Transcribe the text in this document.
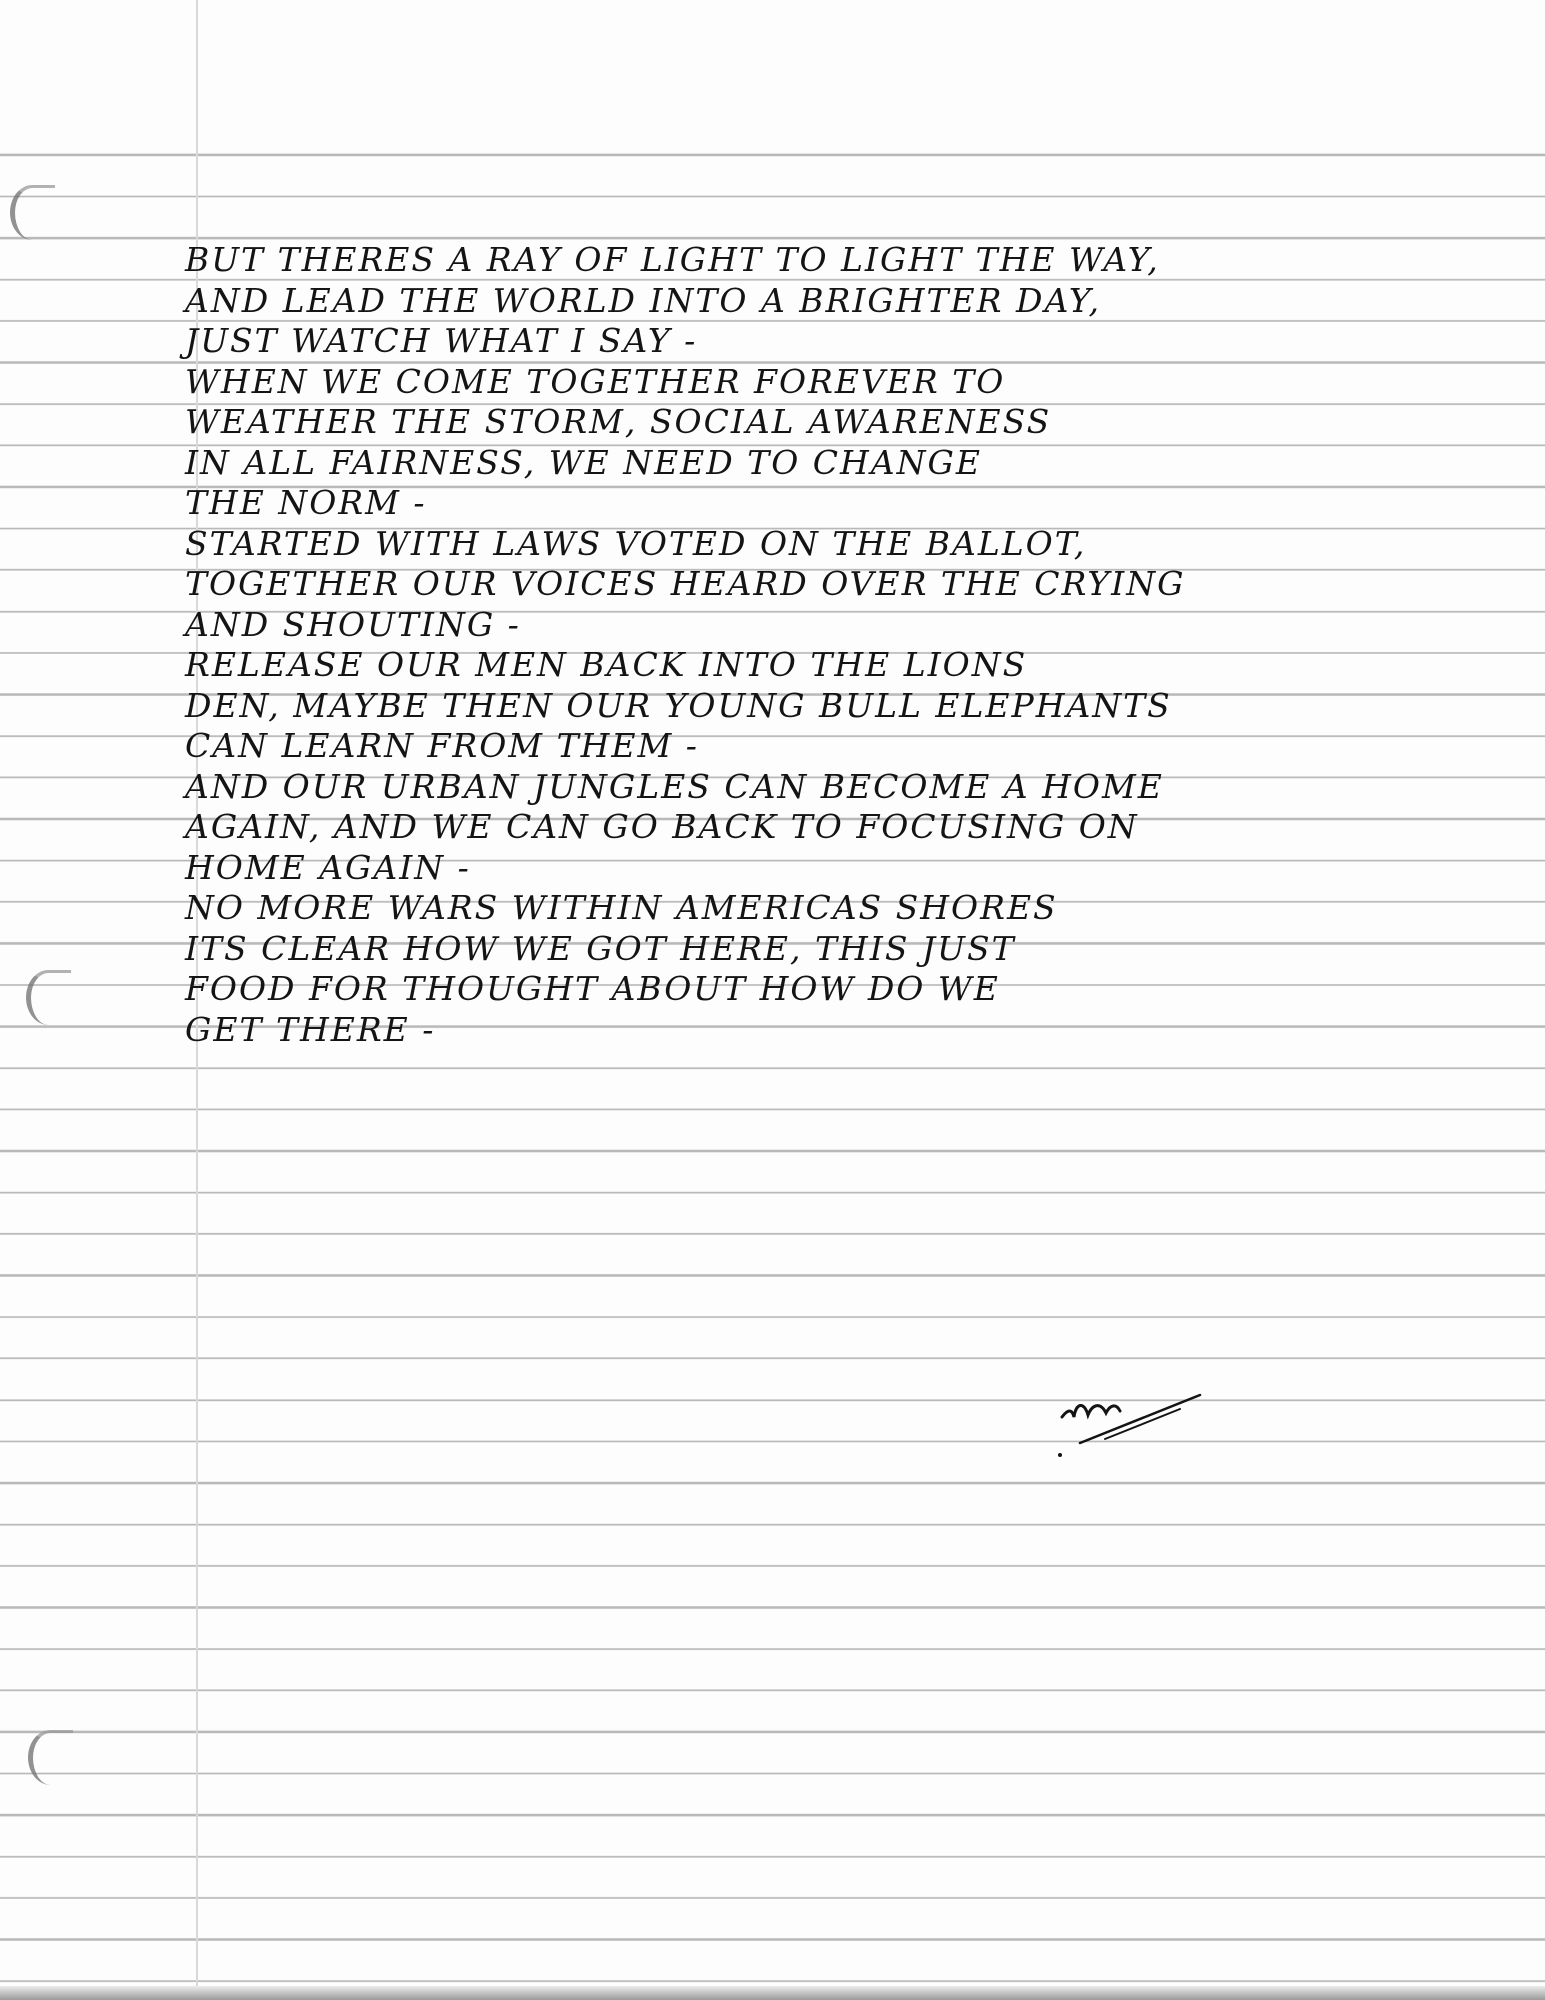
BUT THERES A RAY OF LIGHT TO LIGHT THE WAY,
AND LEAD THE WORLD INTO A BRIGHTER DAY,
JUST WATCH WHAT I SAY -
WHEN WE COME TOGETHER FOREVER TO
WEATHER THE STORM, SOCIAL AWARENESS
IN ALL FAIRNESS, WE NEED TO CHANGE
THE NORM -
STARTED WITH LAWS VOTED ON THE BALLOT,
TOGETHER OUR VOICES HEARD OVER THE CRYING
AND SHOUTING -
RELEASE OUR MEN BACK INTO THE LIONS
DEN, MAYBE THEN OUR YOUNG BULL ELEPHANTS
CAN LEARN FROM THEM -
AND OUR URBAN JUNGLES CAN BECOME A HOME
AGAIN, AND WE CAN GO BACK TO FOCUSING ON
HOME AGAIN -
NO MORE WARS WITHIN AMERICAS SHORES
ITS CLEAR HOW WE GOT HERE, THIS JUST
FOOD FOR THOUGHT ABOUT HOW DO WE
GET THERE -
